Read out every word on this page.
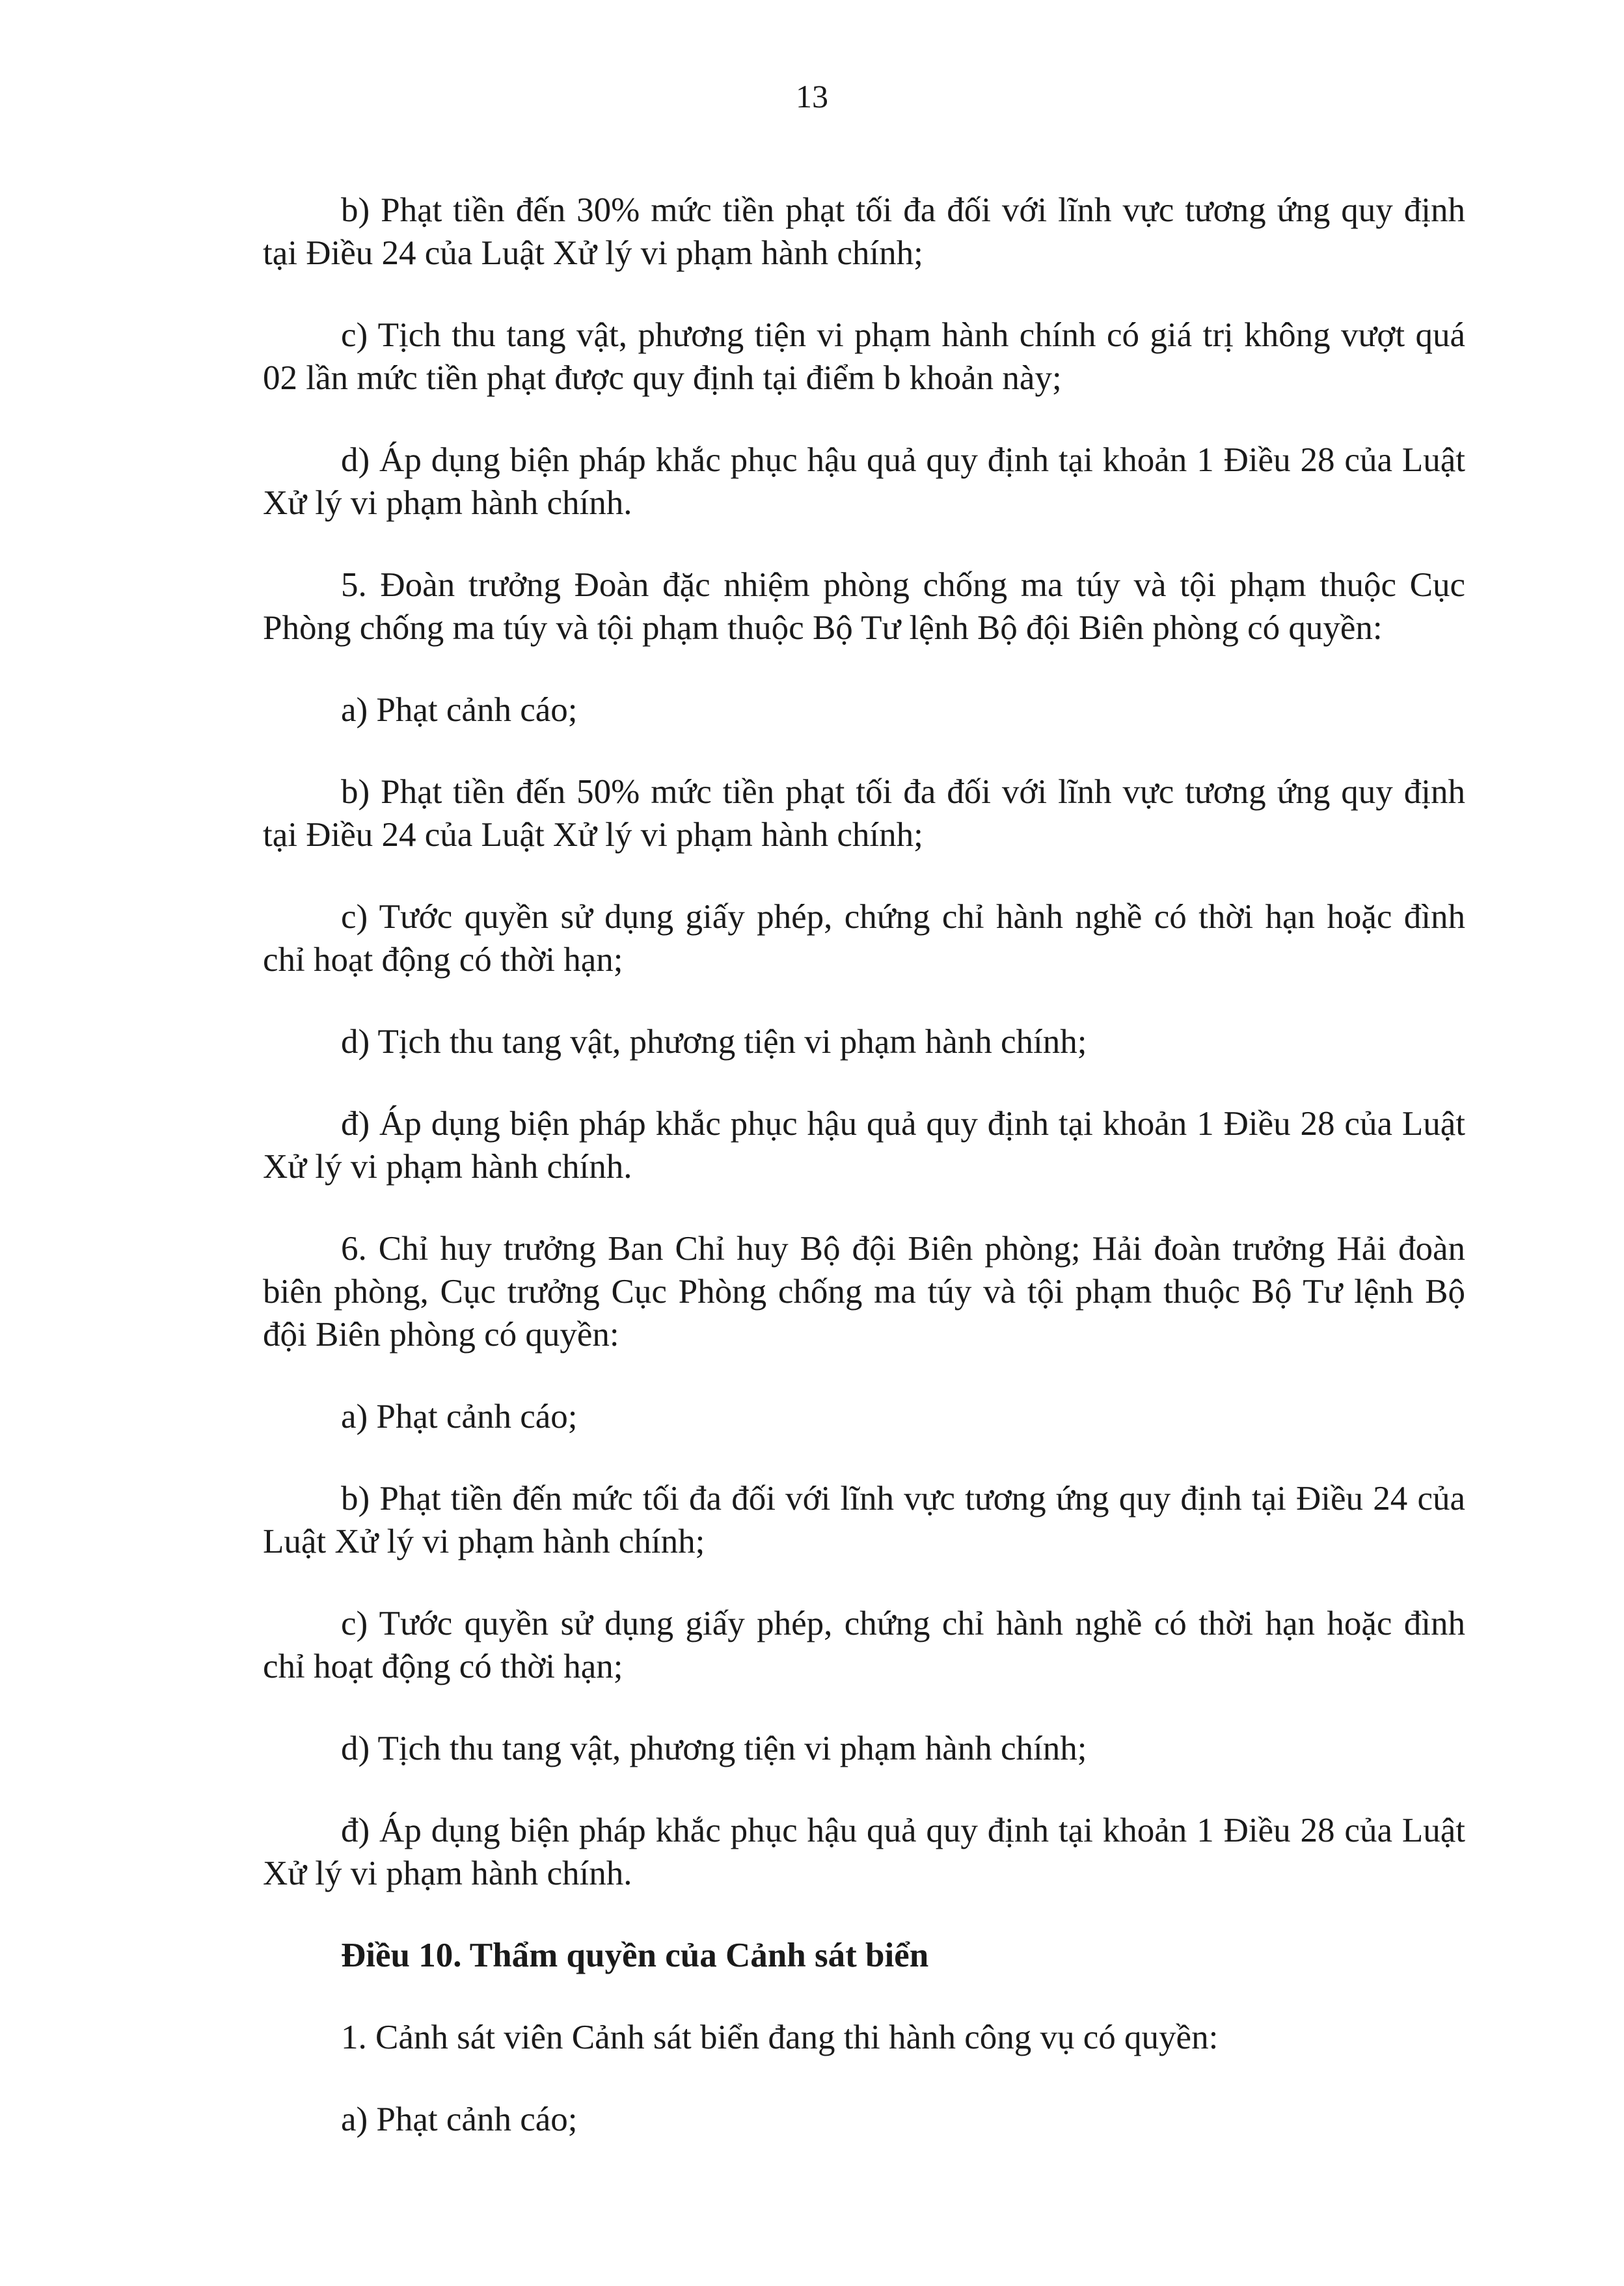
13

b) Phạt tiền đến 30% mức tiền phạt tối đa đối với lĩnh vực tương ứng quy định tại Điều 24 của Luật Xử lý vi phạm hành chính;

c) Tịch thu tang vật, phương tiện vi phạm hành chính có giá trị không vượt quá 02 lần mức tiền phạt được quy định tại điểm b khoản này;

d) Áp dụng biện pháp khắc phục hậu quả quy định tại khoản 1 Điều 28 của Luật Xử lý vi phạm hành chính.

5. Đoàn trưởng Đoàn đặc nhiệm phòng chống ma túy và tội phạm thuộc Cục Phòng chống ma túy và tội phạm thuộc Bộ Tư lệnh Bộ đội Biên phòng có quyền:

a) Phạt cảnh cáo;

b) Phạt tiền đến 50% mức tiền phạt tối đa đối với lĩnh vực tương ứng quy định tại Điều 24 của Luật Xử lý vi phạm hành chính;

c) Tước quyền sử dụng giấy phép, chứng chỉ hành nghề có thời hạn hoặc đình chỉ hoạt động có thời hạn;

d) Tịch thu tang vật, phương tiện vi phạm hành chính;

đ) Áp dụng biện pháp khắc phục hậu quả quy định tại khoản 1 Điều 28 của Luật Xử lý vi phạm hành chính.

6. Chỉ huy trưởng Ban Chỉ huy Bộ đội Biên phòng; Hải đoàn trưởng Hải đoàn biên phòng, Cục trưởng Cục Phòng chống ma túy và tội phạm thuộc Bộ Tư lệnh Bộ đội Biên phòng có quyền:

a) Phạt cảnh cáo;

b) Phạt tiền đến mức tối đa đối với lĩnh vực tương ứng quy định tại Điều 24 của Luật Xử lý vi phạm hành chính;

c) Tước quyền sử dụng giấy phép, chứng chỉ hành nghề có thời hạn hoặc đình chỉ hoạt động có thời hạn;

d) Tịch thu tang vật, phương tiện vi phạm hành chính;

đ) Áp dụng biện pháp khắc phục hậu quả quy định tại khoản 1 Điều 28 của Luật Xử lý vi phạm hành chính.

Điều 10. Thẩm quyền của Cảnh sát biển

1. Cảnh sát viên Cảnh sát biển đang thi hành công vụ có quyền:

a) Phạt cảnh cáo;
